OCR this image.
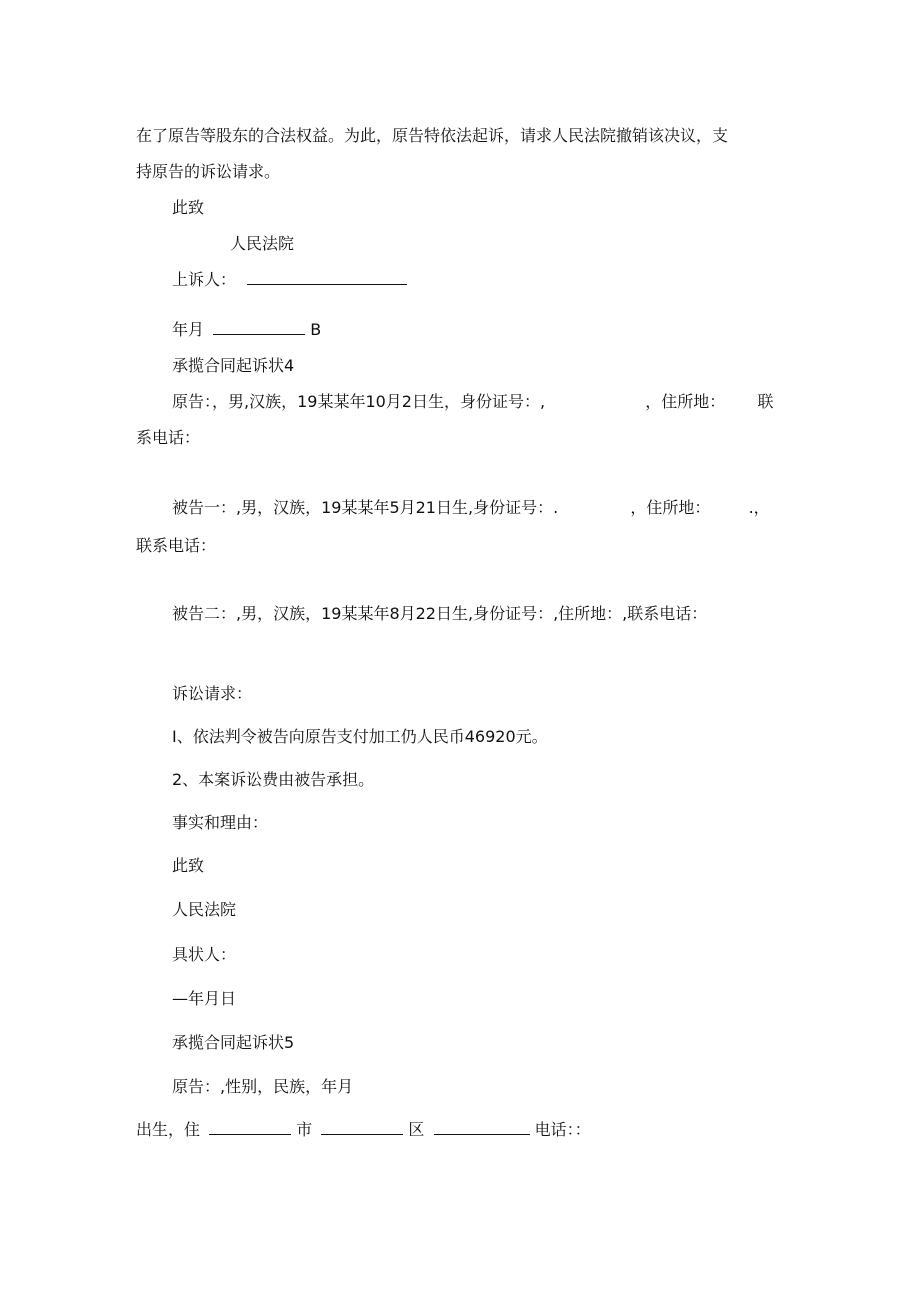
在了原告等股东的合法权益。为此，原告特依法起诉，请求人民法院撤销该决议，支
持原告的诉讼请求。
此致
人民法院
上诉人：
年月	B
承揽合同起诉状4
原告：，男,汉族，19某某年10月2日生，身份证号：,	，住所地： 联
系电话：
被告一：,男，汉族，19某某年5月21日生,身份证号：.	，住所地： .，
联系电话：
被告二：,男，汉族，19某某年8月22日生,身份证号：,住所地：,联系电话：
诉讼请求：
I、依法判令被告向原告支付加工仍人民币46920元。
2、本案诉讼费由被告承担。
事实和理由：
此致
人民法院
具状人：
—年月日
承揽合同起诉状5
原告：,性别，民族，年月
出生，住	市	区	电话：：
